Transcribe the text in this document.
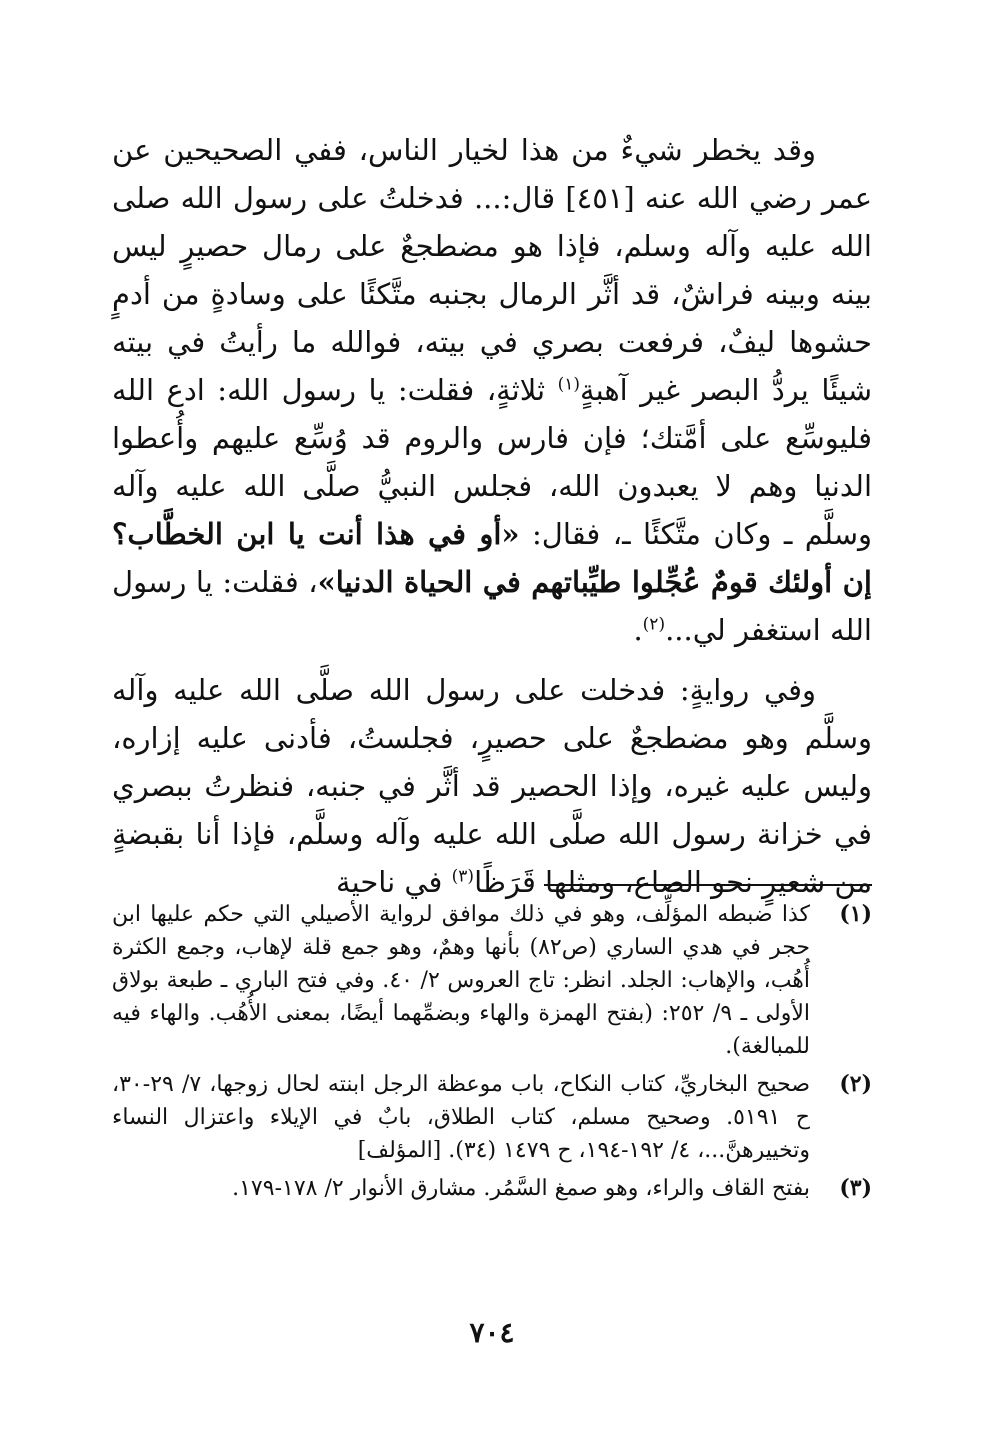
وقد يخطر شيءٌ من هذا لخيار الناس، ففي الصحيحين عن عمر رضي الله عنه [٤٥١] قال:... فدخلتُ على رسول الله صلى الله عليه وآله وسلم، فإذا هو مضطجعٌ على رمال حصيرٍ ليس بينه وبينه فراشٌ، قد أثَّر الرمال بجنبه متَّكئًا على وسادةٍ من أدمٍ حشوها ليفٌ، فرفعت بصري في بيته، فوالله ما رأيتُ في بيته شيئًا يردُّ البصر غير آهبةٍ$^{(١)}$ ثلاثةٍ، فقلت: يا رسول الله: ادع الله فليوسِّع على أمَّتك؛ فإن فارس والروم قد وُسِّع عليهم وأُعطوا الدنيا وهم لا يعبدون الله، فجلس النبيُّ صلَّى الله عليه وآله وسلَّم ـ وكان متَّكئًا ـ، فقال: «أو في هذا أنت يا ابن الخطَّاب؟ إن أولئك قومٌ عُجِّلوا طيِّباتهم في الحياة الدنيا»، فقلت: يا رسول الله استغفر لي...$^{(٢)}$.

وفي روايةٍ: فدخلت على رسول الله صلَّى الله عليه وآله وسلَّم وهو مضطجعٌ على حصيرٍ، فجلستُ، فأدنى عليه إزاره، وليس عليه غيره، وإذا الحصير قد أثَّر في جنبه، فنظرتُ ببصري في خزانة رسول الله صلَّى الله عليه وآله وسلَّم، فإذا أنا بقبضةٍ من شعيرٍ نحو الصاع، ومثلها قَرَظًا$^{(٣)}$ في ناحية

(١)
كذا ضبطه المؤلِّف، وهو في ذلك موافق لرواية الأصيلي التي حكم عليها ابن حجر في هدي الساري (ص٨٢) بأنها وهمٌ، وهو جمع قلة لإهاب، وجمع الكثرة أُهُب، والإهاب: الجلد. انظر: تاج العروس ٢/ ٤٠. وفي فتح الباري ـ طبعة بولاق الأولى ـ ٩/ ٢٥٢: (بفتح الهمزة والهاء وبضمِّهما أيضًا، بمعنى الأُهُب. والهاء فيه للمبالغة).
(٢)
صحيح البخاريِّ، كتاب النكاح، باب موعظة الرجل ابنته لحال زوجها، ٧/ ٢٩-٣٠، ح ٥١٩١. وصحيح مسلم، كتاب الطلاق، بابٌ في الإيلاء واعتزال النساء وتخييرهنَّ...، ٤/ ١٩٢-١٩٤، ح ١٤٧٩ (٣٤). [المؤلف]
(٣)
بفتح القاف والراء، وهو صمغ السَّمُر. مشارق الأنوار ٢/ ١٧٨-١٧٩.
٧٠٤
